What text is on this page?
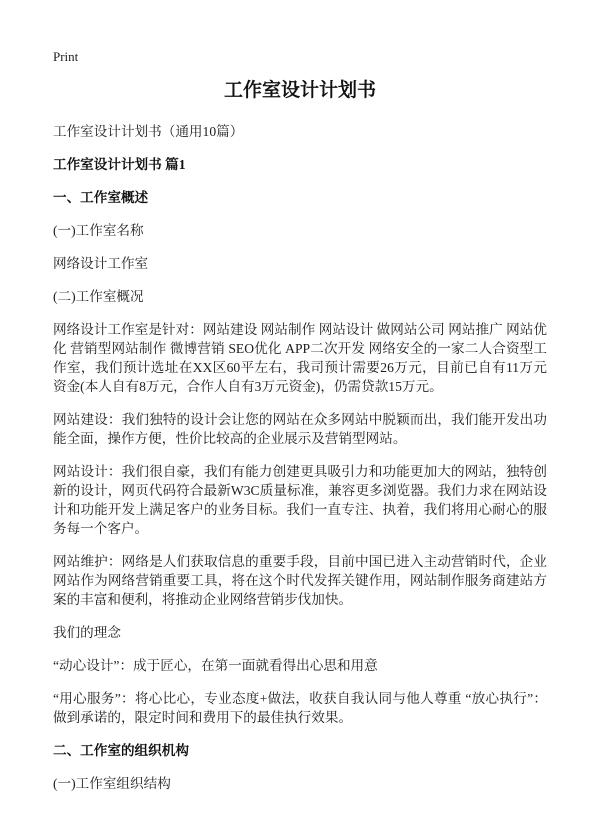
Print
工作室设计计划书

工作室设计计划书（通用10篇）

工作室设计计划书 篇1
一、工作室概述

(一)工作室名称

网络设计工作室

(二)工作室概况

网络设计工作室是针对：网站建设 网站制作 网站设计 做网站公司 网站推广 网站优化 营销型网站制作 微博营销 SEO优化 APP二次开发 网络安全的一家二人合资型工作室，我们预计选址在XX区60平左右，我司预计需要26万元，目前已自有11万元资金(本人自有8万元，合作人自有3万元资金)，仍需贷款15万元。

网站建设：我们独特的设计会让您的网站在众多网站中脱颖而出，我们能开发出功能全面，操作方便，性价比较高的企业展示及营销型网站。

网站设计：我们很自豪，我们有能力创建更具吸引力和功能更加大的网站，独特创新的设计，网页代码符合最新W3C质量标准，兼容更多浏览器。我们力求在网站设计和功能开发上满足客户的业务目标。我们一直专注、执着，我们将用心耐心的服务每一个客户。

网站维护：网络是人们获取信息的重要手段，目前中国已进入主动营销时代，企业网站作为网络营销重要工具，将在这个时代发挥关键作用，网站制作服务商建站方案的丰富和便利，将推动企业网络营销步伐加快。

我们的理念

“动心设计”：成于匠心，在第一面就看得出心思和用意

“用心服务”：将心比心，专业态度+做法，收获自我认同与他人尊重 “放心执行”：做到承诺的，限定时间和费用下的最佳执行效果。

二、工作室的组织机构

(一)工作室组织结构
